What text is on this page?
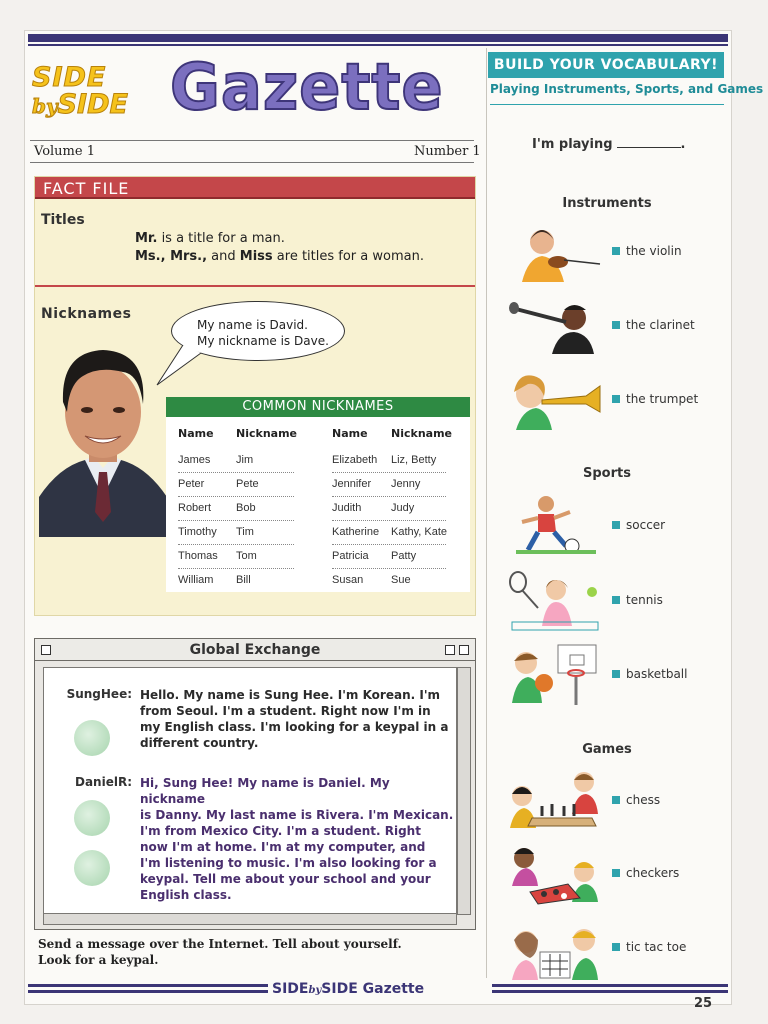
SIDE
bySIDE Gazette
Volume 1	Number 1
FACT FILE
Titles
Mr. is a title for a man.
Ms., Mrs., and Miss are titles for a woman.
Nicknames
My name is David.
My nickname is Dave.
COMMON NICKNAMES
Name Nickname	Name Nickname
James Jim	Elizabeth Liz, Betty
Peter	Pete	Jennifer Jenny
Robert Bob	Judith	Judy
Timothy Tim	Katherine Kathy, Kate
Thomas Tom	Patricia Patty
William Bill	Susan	Sue
Global Exchange
SungHee: Hello. My name is Sung Hee. I'm Korean. I'm
from Seoul. I'm a student. Right now I'm in
my English class. I'm looking for a keypal in a
different country.
DanielR: Hi, Sung Hee! My name is Daniel. My nickname
is Danny. My last name is Rivera. I'm Mexican.
I'm from Mexico City. I'm a student. Right
now I'm at home. I'm at my computer, and
I'm listening to music. I'm also looking for a
keypal. Tell me about your school and your
English class.
Send a message over the Internet. Tell about yourself.
Look for a keypal.
BUILD YOUR VOCABULARY!
Playing Instruments, Sports, and Games
I'm playing	.
Instruments
the violin
the clarinet
the trumpet
Sports
soccer
tennis
basketball
Games
chess
checkers
tic tac toe
SIDEbySIDE Gazette
25
